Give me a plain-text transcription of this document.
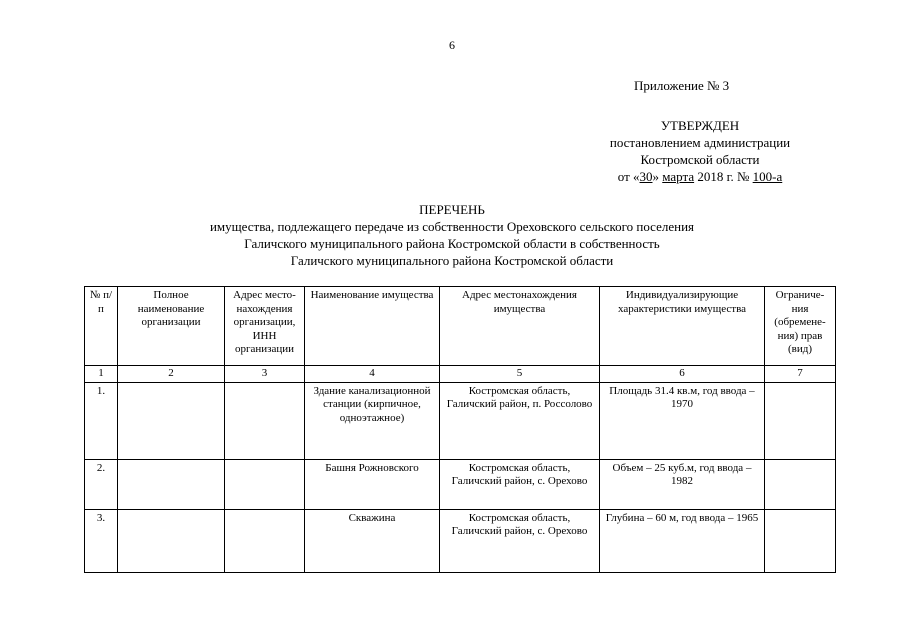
6
Приложение № 3
УТВЕРЖДЕН
постановлением администрации
Костромской области
от «30» марта 2018 г. № 100-а
ПЕРЕЧЕНЬ
имущества, подлежащего передаче из собственности Ореховского сельского поселения
Галичского муниципального района Костромской области в собственность
Галичского муниципального района Костромской области
№ п/п	Полное наименование организации	Адрес место-нахождения организации, ИНН организации	Наименование имущества	Адрес местонахождения имущества	Индивидуализирующие характеристики имущества	Ограниче-ния (обремене-ния) прав (вид)
1	2	3	4	5	6	7
1.			Здание канализационной станции (кирпичное, одноэтажное)	Костромская область, Галичский район, п. Россолово	Площадь 31.4 кв.м, год ввода – 1970	
2.			Башня Рожновского	Костромская область, Галичский район, с. Орехово	Объем – 25 куб.м, год ввода – 1982	
3.			Скважина	Костромская область, Галичский район, с. Орехово	Глубина – 60 м, год ввода – 1965	
